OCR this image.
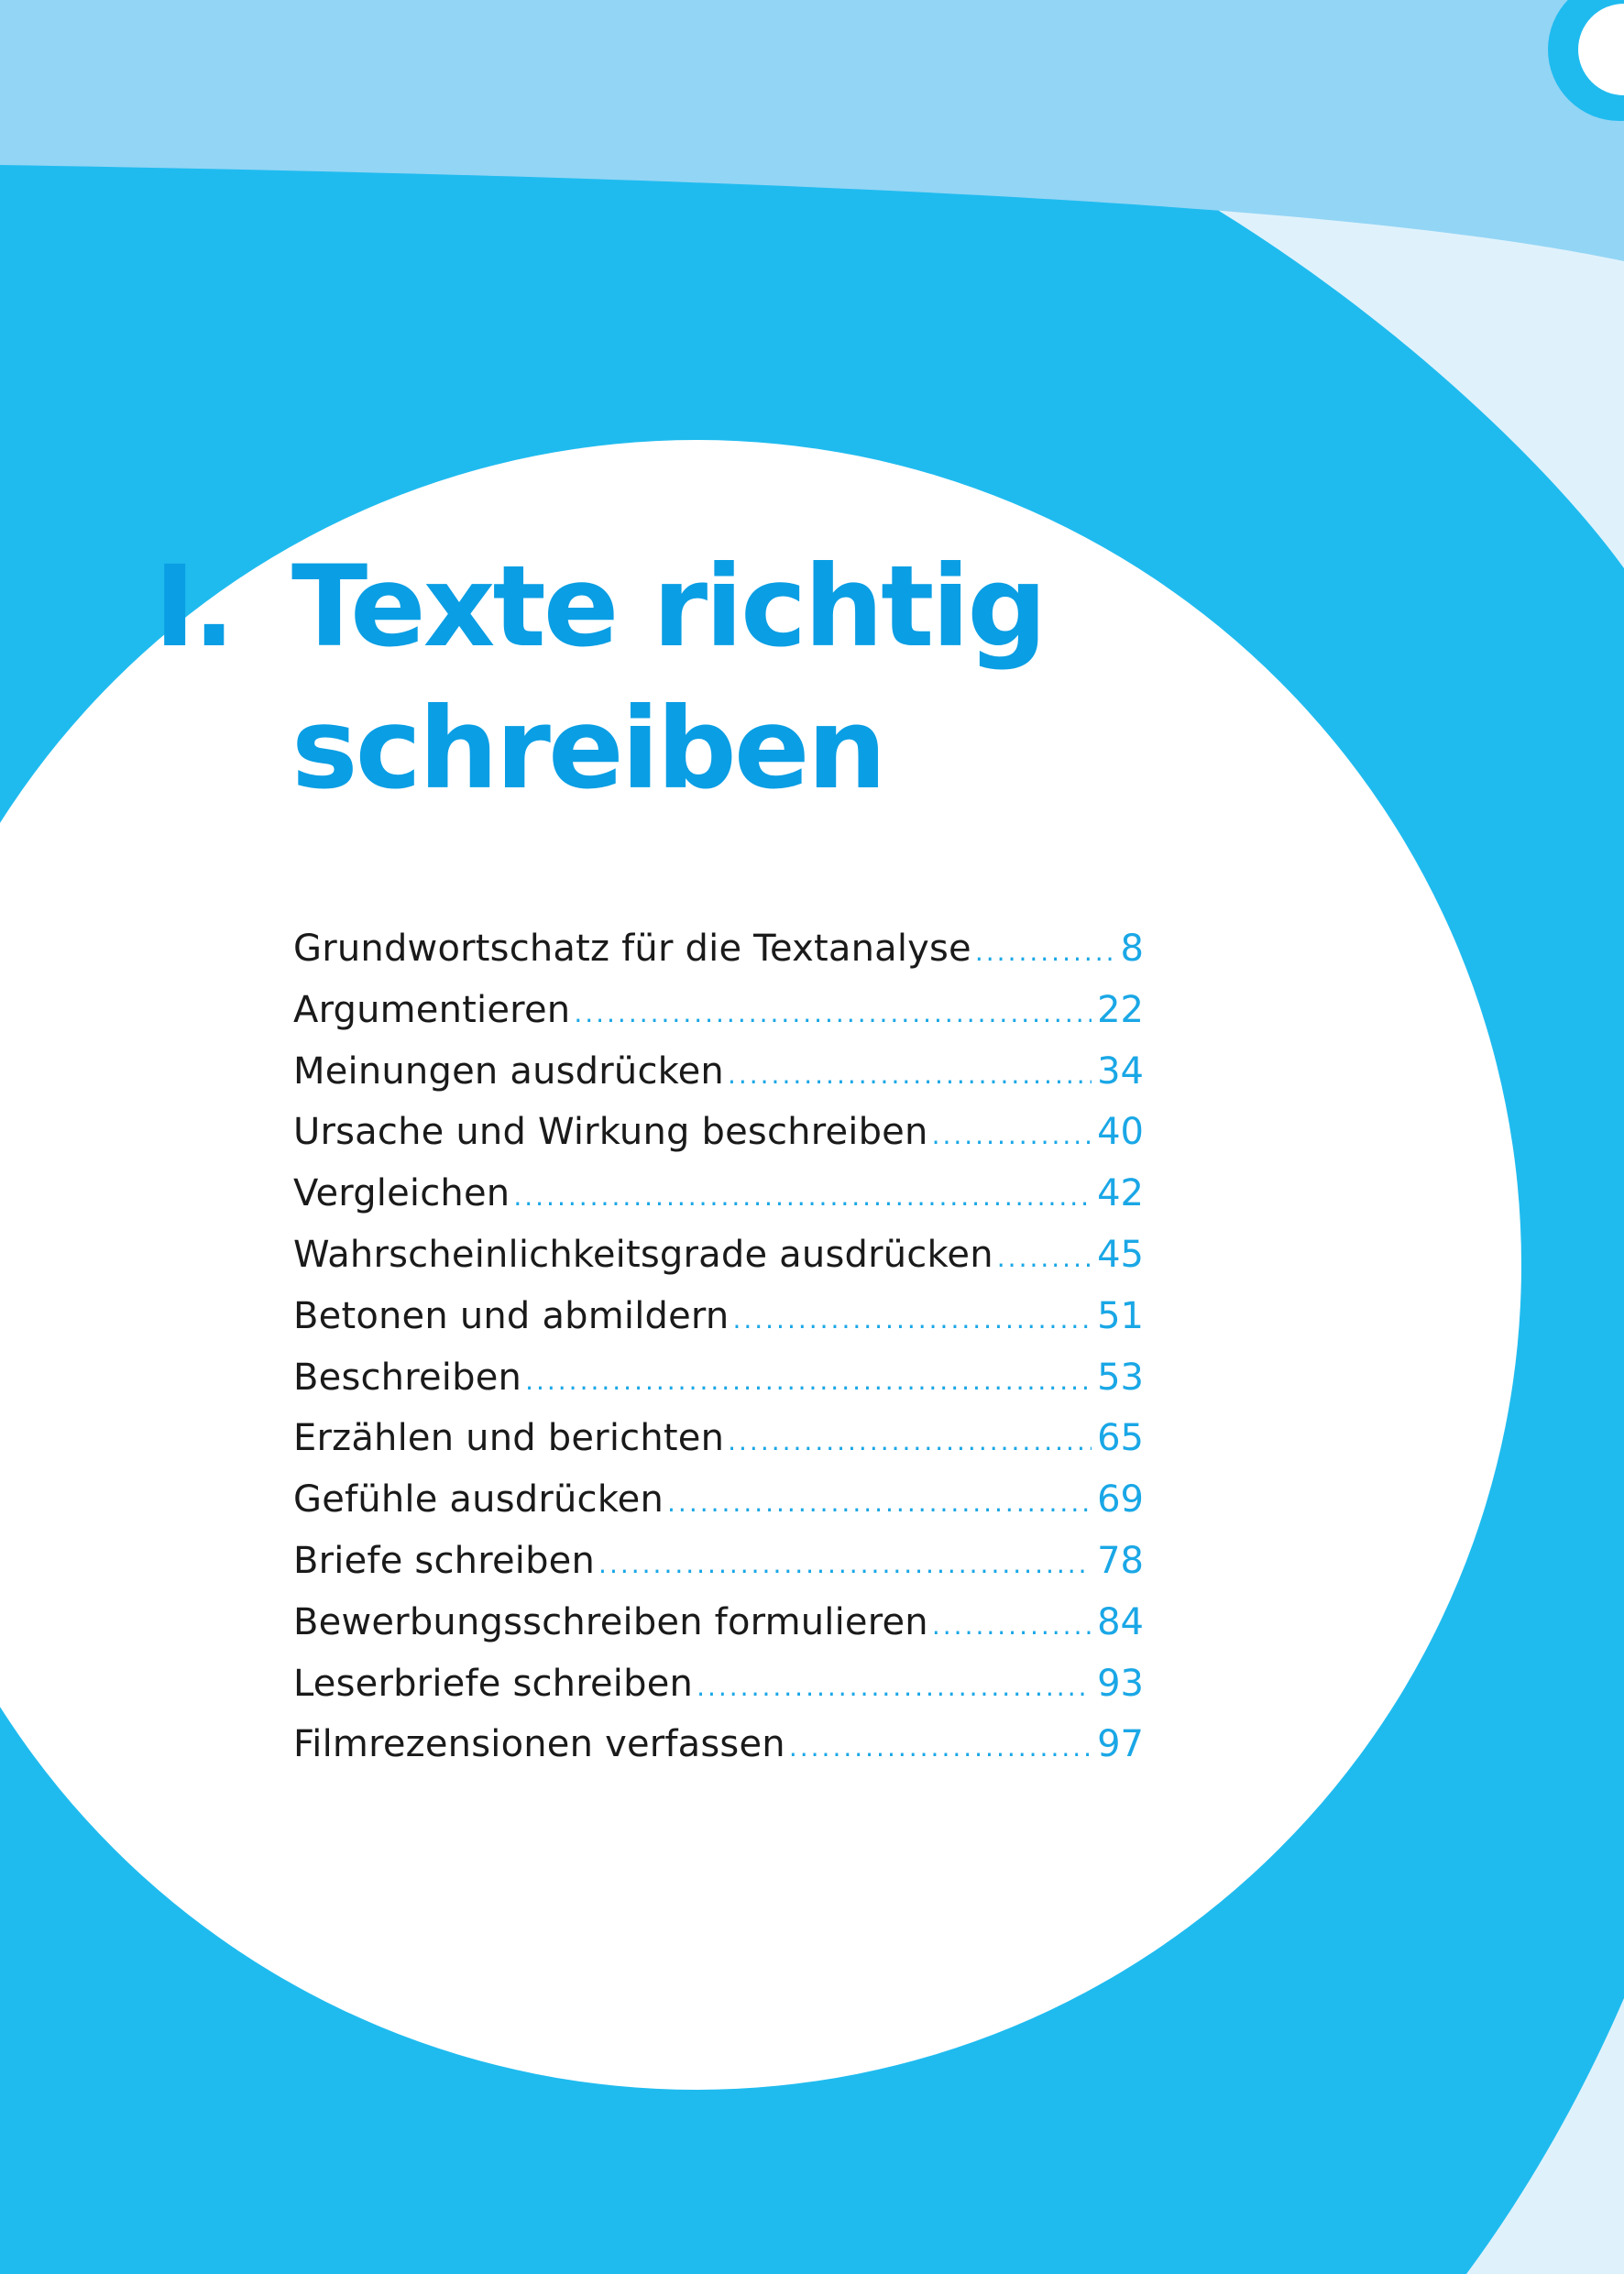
I. Texte richtig
schreiben
Grundwortschatz für die Textanalyse .....	8
Argumentieren .....	22
Meinungen ausdrücken .....	34
Ursache und Wirkung beschreiben .....	40
Vergleichen .....	42
Wahrscheinlichkeitsgrade ausdrücken .....	45
Betonen und abmildern .....	51
Beschreiben .....	53
Erzählen und berichten .....	65
Gefühle ausdrücken .....	69
Briefe schreiben .....	78
Bewerbungsschreiben formulieren .....	84
Leserbriefe schreiben .....	93
Filmrezensionen verfassen .....	97
